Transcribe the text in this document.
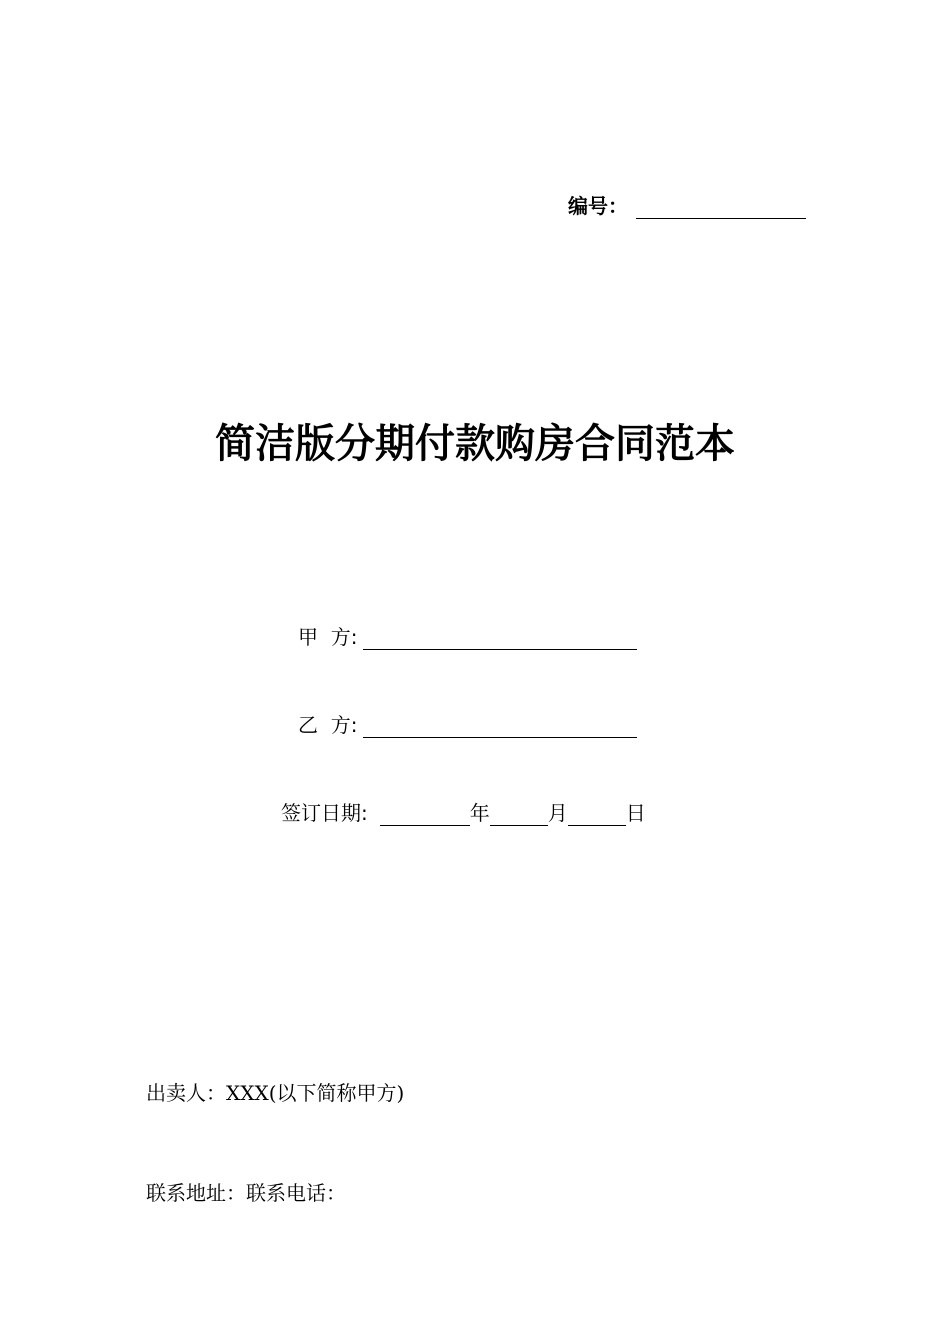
编号：
简洁版分期付款购房合同范本
甲  方:
乙  方:
签订日期:	年	月	日
出卖人：XXX(以下简称甲方)
联系地址：联系电话：
